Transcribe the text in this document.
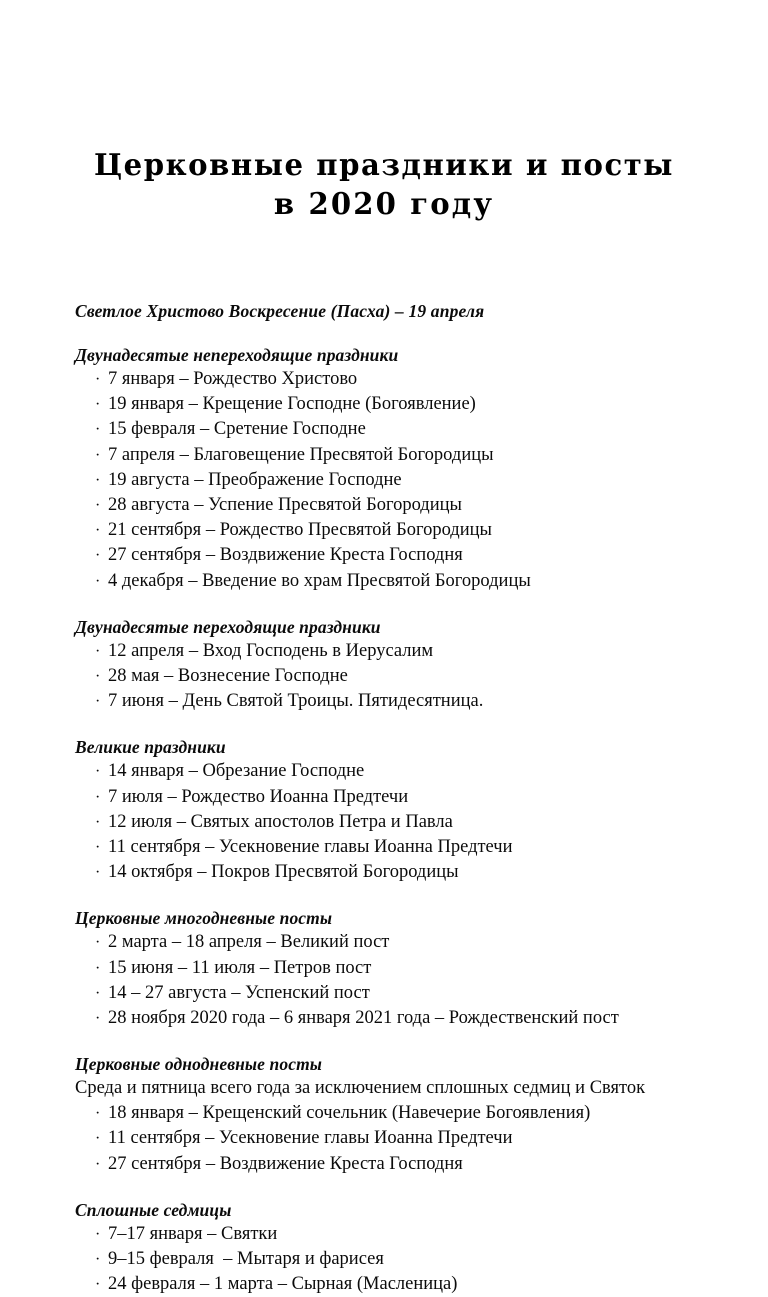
Церковные праздники и посты
в 2020 году

Светлое Христово Воскресение (Пасха) – 19 апреля

Двунадесятые непереходящие праздники

· 7 января – Рождество Христово
· 19 января – Крещение Господне (Богоявление)
· 15 февраля – Сретение Господне
· 7 апреля – Благовещение Пресвятой Богородицы
· 19 августа – Преображение Господне
· 28 августа – Успение Пресвятой Богородицы
· 21 сентября – Рождество Пресвятой Богородицы
· 27 сентября – Воздвижение Креста Господня
· 4 декабря – Введение во храм Пресвятой Богородицы

Двунадесятые переходящие праздники

· 12 апреля – Вход Господень в Иерусалим
· 28 мая – Вознесение Господне
· 7 июня – День Святой Троицы. Пятидесятница.

Великие праздники

· 14 января – Обрезание Господне
· 7 июля – Рождество Иоанна Предтечи
· 12 июля – Святых апостолов Петра и Павла
· 11 сентября – Усекновение главы Иоанна Предтечи
· 14 октября – Покров Пресвятой Богородицы

Церковные многодневные посты

· 2 марта – 18 апреля – Великий пост
· 15 июня – 11 июля – Петров пост
· 14 – 27 августа – Успенский пост
· 28 ноября 2020 года – 6 января 2021 года – Рождественский пост

Церковные однодневные посты

Среда и пятница всего года за исключением сплошных седмиц и Святок

· 18 января – Крещенский сочельник (Навечерие Богоявления)
· 11 сентября – Усекновение главы Иоанна Предтечи
· 27 сентября – Воздвижение Креста Господня

Сплошные седмицы

· 7–17 января – Святки
· 9–15 февраля  – Мытаря и фарисея
· 24 февраля – 1 марта – Сырная (Масленица)
